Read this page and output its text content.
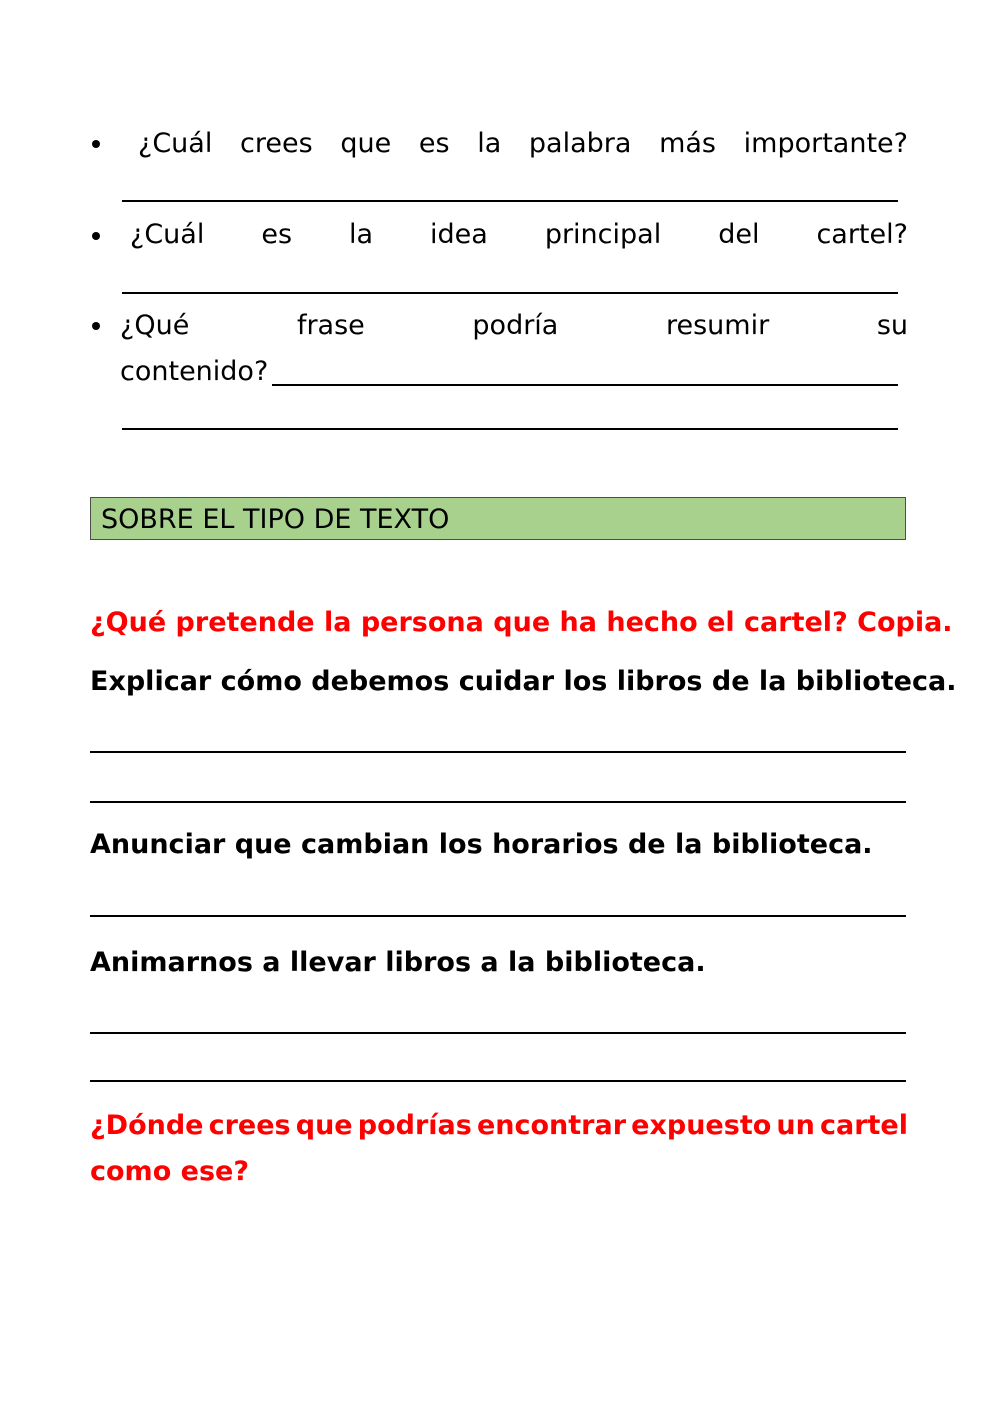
¿Cuál crees que es la palabra más importante?
¿Cuál es la idea principal del cartel?
¿Qué	frase	podría	resumir	su
contenido?
SOBRE EL TIPO DE TEXTO
¿Qué pretende la persona que ha hecho el cartel? Copia.
Explicar cómo debemos cuidar los libros de la biblioteca.
Anunciar que cambian los horarios de la biblioteca.
Animarnos a llevar libros a la biblioteca.
¿Dónde crees que podrías encontrar expuesto un cartel
como ese?
